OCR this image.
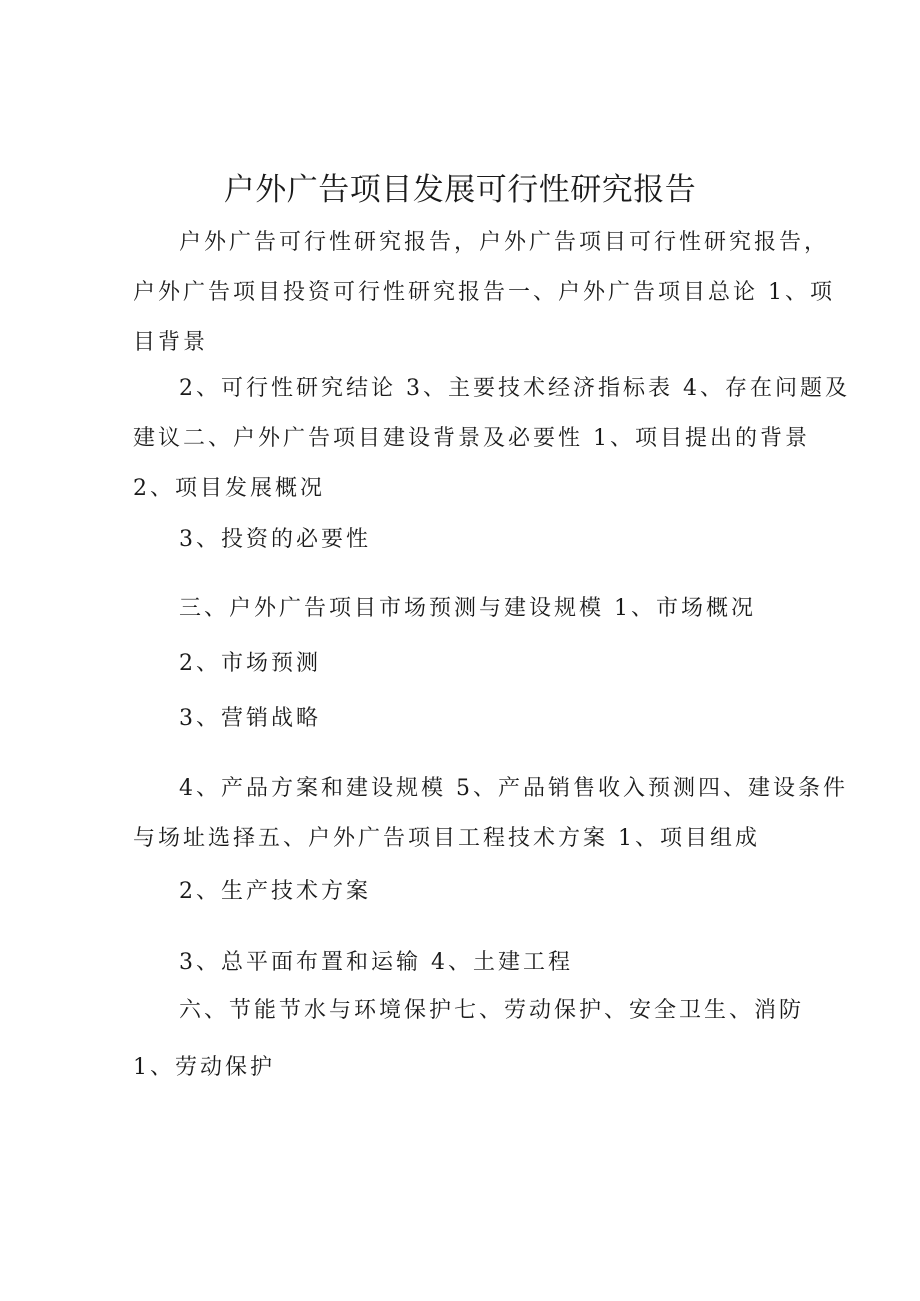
户外广告项目发展可行性研究报告
户外广告可行性研究报告，户外广告项目可行性研究报告，
户外广告项目投资可行性研究报告一、户外广告项目总论 1、项
目背景
2、可行性研究结论 3、主要技术经济指标表 4、存在问题及
建议二、户外广告项目建设背景及必要性 1、项目提出的背景
2、项目发展概况
3、投资的必要性
三、户外广告项目市场预测与建设规模 1、市场概况
2、市场预测
3、营销战略
4、产品方案和建设规模 5、产品销售收入预测四、建设条件
与场址选择五、户外广告项目工程技术方案 1、项目组成
2、生产技术方案
3、总平面布置和运输 4、土建工程
六、节能节水与环境保护七、劳动保护、安全卫生、消防
1、劳动保护
